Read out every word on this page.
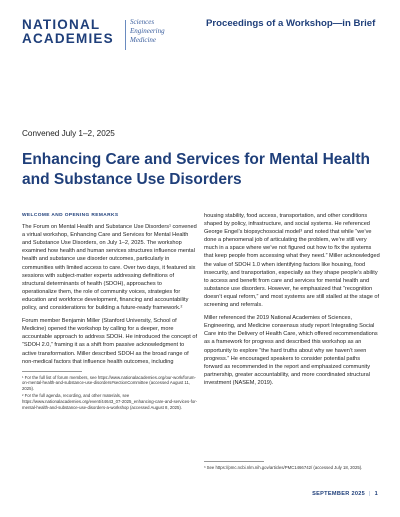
NATIONAL
ACADEMIES
Sciences
Engineering
Medicine
Proceedings of a Workshop—in Brief
Convened July 1–2, 2025
Enhancing Care and Services for Mental Health and Substance Use Disorders
WELCOME AND OPENING REMARKS

The Forum on Mental Health and Substance Use Disorders¹ convened a virtual workshop, Enhancing Care and Services for Mental Health and Substance Use Disorders, on July 1–2, 2025. The workshop examined how health and human services structures influence mental health and substance use disorder outcomes, particularly in communities with limited access to care. Over two days, it featured six sessions with subject-matter experts addressing definitions of structural determinants of health (SDOH), approaches to operationalize them, the role of community voices, strategies for education and workforce development, financing and accountability policy, and considerations for building a future-ready framework.²

Forum member Benjamin Miller (Stanford University, School of Medicine) opened the workshop by calling for a deeper, more accountable approach to address SDOH. He introduced the concept of “SDOH 2.0,” framing it as a shift from passive acknowledgment to active transformation. Miller described SDOH as the broad range of non-medical factors that influence health outcomes, including

¹ For the full list of forum members, see https://www.nationalacademies.org/our-work/forum-on-mental-health-and-substance-use-disorders#sectionCommittee (accessed August 11, 2025).
² For the full agenda, recording, and other materials, see https://www.nationalacademies.org/event/44643_07-2025_enhancing-care-and-services-for-mental-health-and-substance-use-disorders-a-workshop (accessed August 8, 2025).

housing stability, food access, transportation, and other conditions shaped by policy, infrastructure, and social systems. He referenced George Engel’s biopsychosocial model³ and noted that while “we’ve done a phenomenal job of articulating the problem, we’re still very much in a space where we’ve not figured out how to fix the systems that keep people from accessing what they need.” Miller acknowledged the value of SDOH 1.0 when identifying factors like housing, food insecurity, and transportation, especially as they shape people’s ability to access and benefit from care and services for mental health and substance use disorders. However, he emphasized that “recognition doesn’t equal reform,” and most systems are still stalled at the stage of screening and referrals.

Miller referenced the 2019 National Academies of Sciences, Engineering, and Medicine consensus study report Integrating Social Care into the Delivery of Health Care, which offered recommendations as a framework for progress and described this workshop as an opportunity to explore “the hard truths about why we haven’t seen progress.” He encouraged speakers to consider potential paths forward as recommended in the report and emphasized community partnership, greater accountability, and more coordinated structural investment (NASEM, 2019).

³ See https://pmc.ncbi.nlm.nih.gov/articles/PMC1466742/ (accessed July 18, 2025).
SEPTEMBER 2025 | 1
